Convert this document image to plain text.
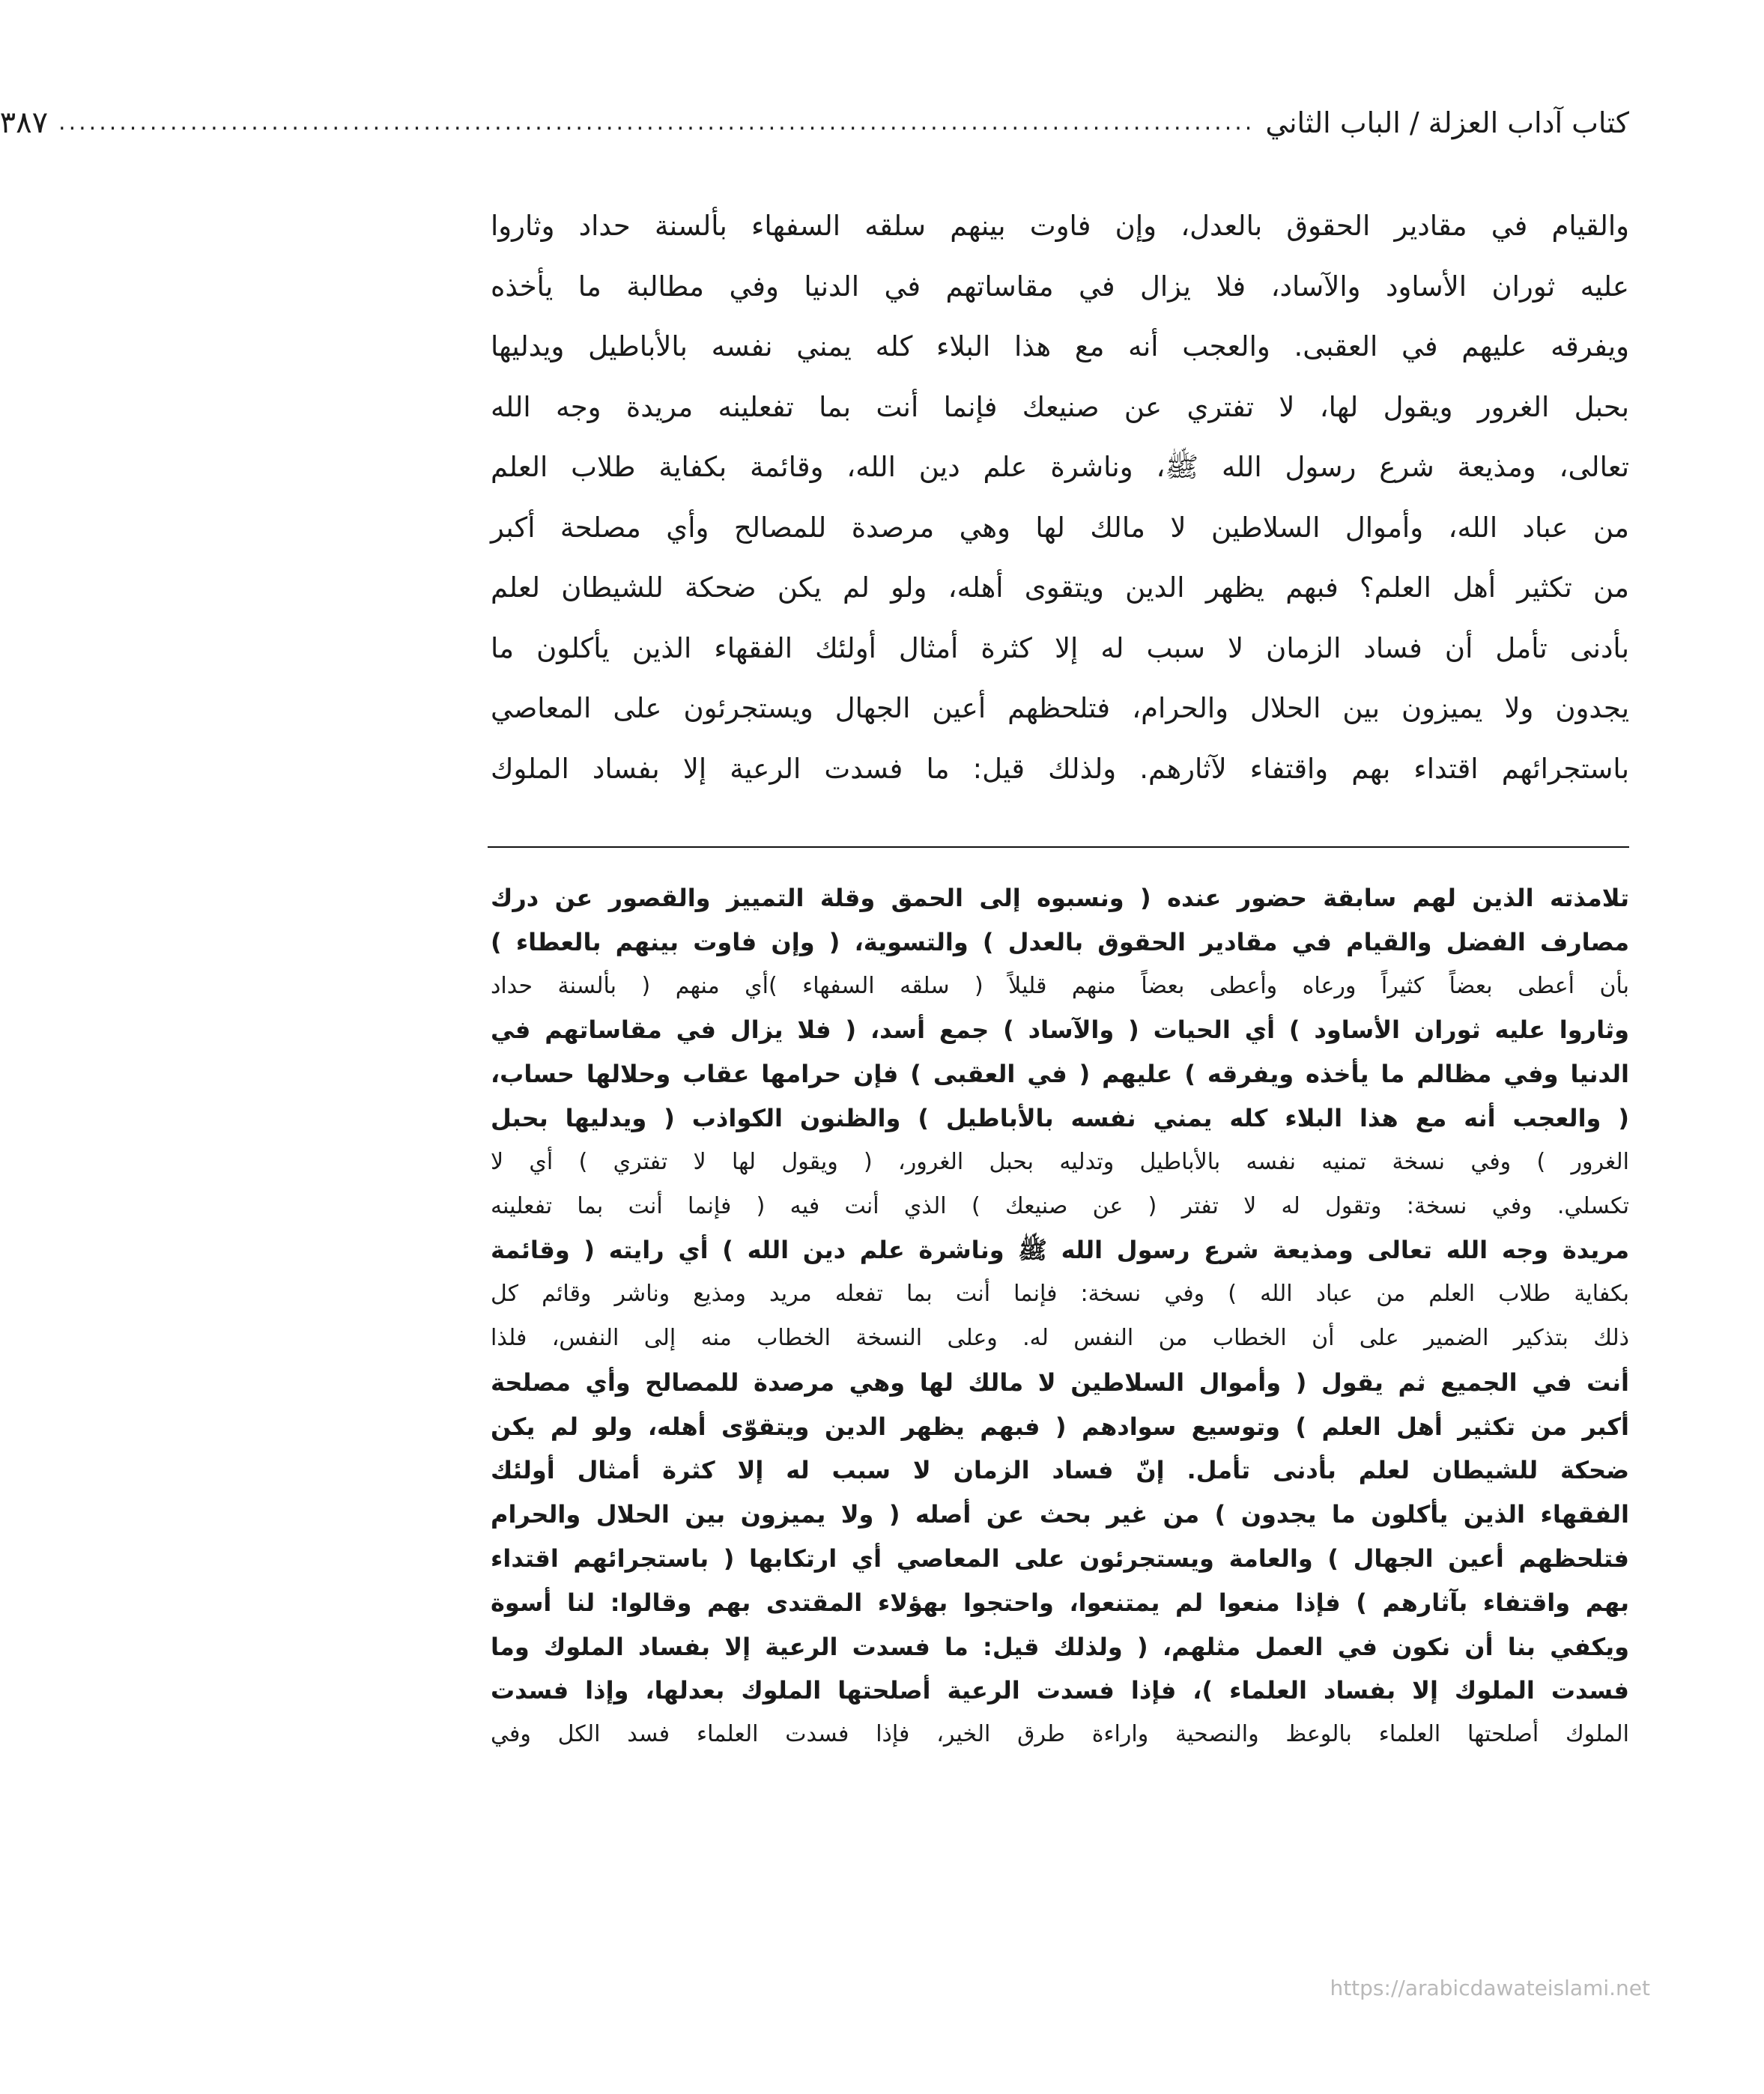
كتاب آداب العزلة / الباب الثاني
......................................................................................................................
٣٨٧
والقيام في مقادير الحقوق بالعدل، وإن فاوت بينهم سلقه السفهاء بألسنة حداد وثاروا
عليه ثوران الأساود والآساد، فلا يزال في مقاساتهم في الدنيا وفي مطالبة ما يأخذه
ويفرقه عليهم في العقبى. والعجب أنه مع هذا البلاء كله يمني نفسه بالأباطيل ويدليها
بحبل الغرور ويقول لها، لا تفتري عن صنيعك فإنما أنت بما تفعلينه مريدة وجه الله
تعالى، ومذيعة شرع رسول الله ﷺ، وناشرة علم دين الله، وقائمة بكفاية طلاب العلم
من عباد الله، وأموال السلاطين لا مالك لها وهي مرصدة للمصالح وأي مصلحة أكبر
من تكثير أهل العلم؟ فبهم يظهر الدين ويتقوى أهله، ولو لم يكن ضحكة للشيطان لعلم
بأدنى تأمل أن فساد الزمان لا سبب له إلا كثرة أمثال أولئك الفقهاء الذين يأكلون ما
يجدون ولا يميزون بين الحلال والحرام، فتلحظهم أعين الجهال ويستجرئون على المعاصي
باستجرائهم اقتداء بهم واقتفاء لآثارهم. ولذلك قيل: ما فسدت الرعية إلا بفساد الملوك
تلامذته الذين لهم سابقة حضور عنده ( ونسبوه إلى الحمق وقلة التمييز والقصور عن درك
مصارف الفضل والقيام في مقادير الحقوق بالعدل ) والتسوية، ( وإن فاوت بينهم بالعطاء )
بأن أعطى بعضاً كثيراً ورعاه وأعطى بعضاً منهم قليلاً ( سلقه السفهاء )أي منهم ( بألسنة حداد
وثاروا عليه ثوران الأساود ) أي الحيات ( والآساد ) جمع أسد، ( فلا يزال في مقاساتهم في
الدنيا وفي مظالم ما يأخذه ويفرقه ) عليهم ( في العقبى ) فإن حرامها عقاب وحلالها حساب،
( والعجب أنه مع هذا البلاء كله يمني نفسه بالأباطيل ) والظنون الكواذب ( ويدليها بحبل
الغرور ) وفي نسخة تمنيه نفسه بالأباطيل وتدليه بحبل الغرور، ( ويقول لها لا تفتري ) أي لا
تكسلي. وفي نسخة: وتقول له لا تفتر ( عن صنيعك ) الذي أنت فيه ( فإنما أنت بما تفعلينه
مريدة وجه الله تعالى ومذيعة شرع رسول الله ﷺ وناشرة علم دين الله ) أي رايته ( وقائمة
بكفاية طلاب العلم من عباد الله ) وفي نسخة: فإنما أنت بما تفعله مريد ومذيع وناشر وقائم كل
ذلك بتذكير الضمير على أن الخطاب من النفس له. وعلى النسخة الخطاب منه إلى النفس، فلذا
أنت في الجميع ثم يقول ( وأموال السلاطين لا مالك لها وهي مرصدة للمصالح وأي مصلحة
أكبر من تكثير أهل العلم ) وتوسيع سوادهم ( فبهم يظهر الدين ويتقوّى أهله، ولو لم يكن
ضحكة للشيطان لعلم بأدنى تأمل. إنّ فساد الزمان لا سبب له إلا كثرة أمثال أولئك
الفقهاء الذين يأكلون ما يجدون ) من غير بحث عن أصله ( ولا يميزون بين الحلال والحرام
فتلحظهم أعين الجهال ) والعامة ويستجرئون على المعاصي أي ارتكابها ( باستجرائهم اقتداء
بهم واقتفاء بآثارهم ) فإذا منعوا لم يمتنعوا، واحتجوا بهؤلاء المقتدى بهم وقالوا: لنا أسوة
ويكفي بنا أن نكون في العمل مثلهم، ( ولذلك قيل: ما فسدت الرعية إلا بفساد الملوك وما
فسدت الملوك إلا بفساد العلماء )، فإذا فسدت الرعية أصلحتها الملوك بعدلها، وإذا فسدت
الملوك أصلحتها العلماء بالوعظ والنصحية واراءة طرق الخير، فإذا فسدت العلماء فسد الكل وفي
https://arabicdawateislami.net
